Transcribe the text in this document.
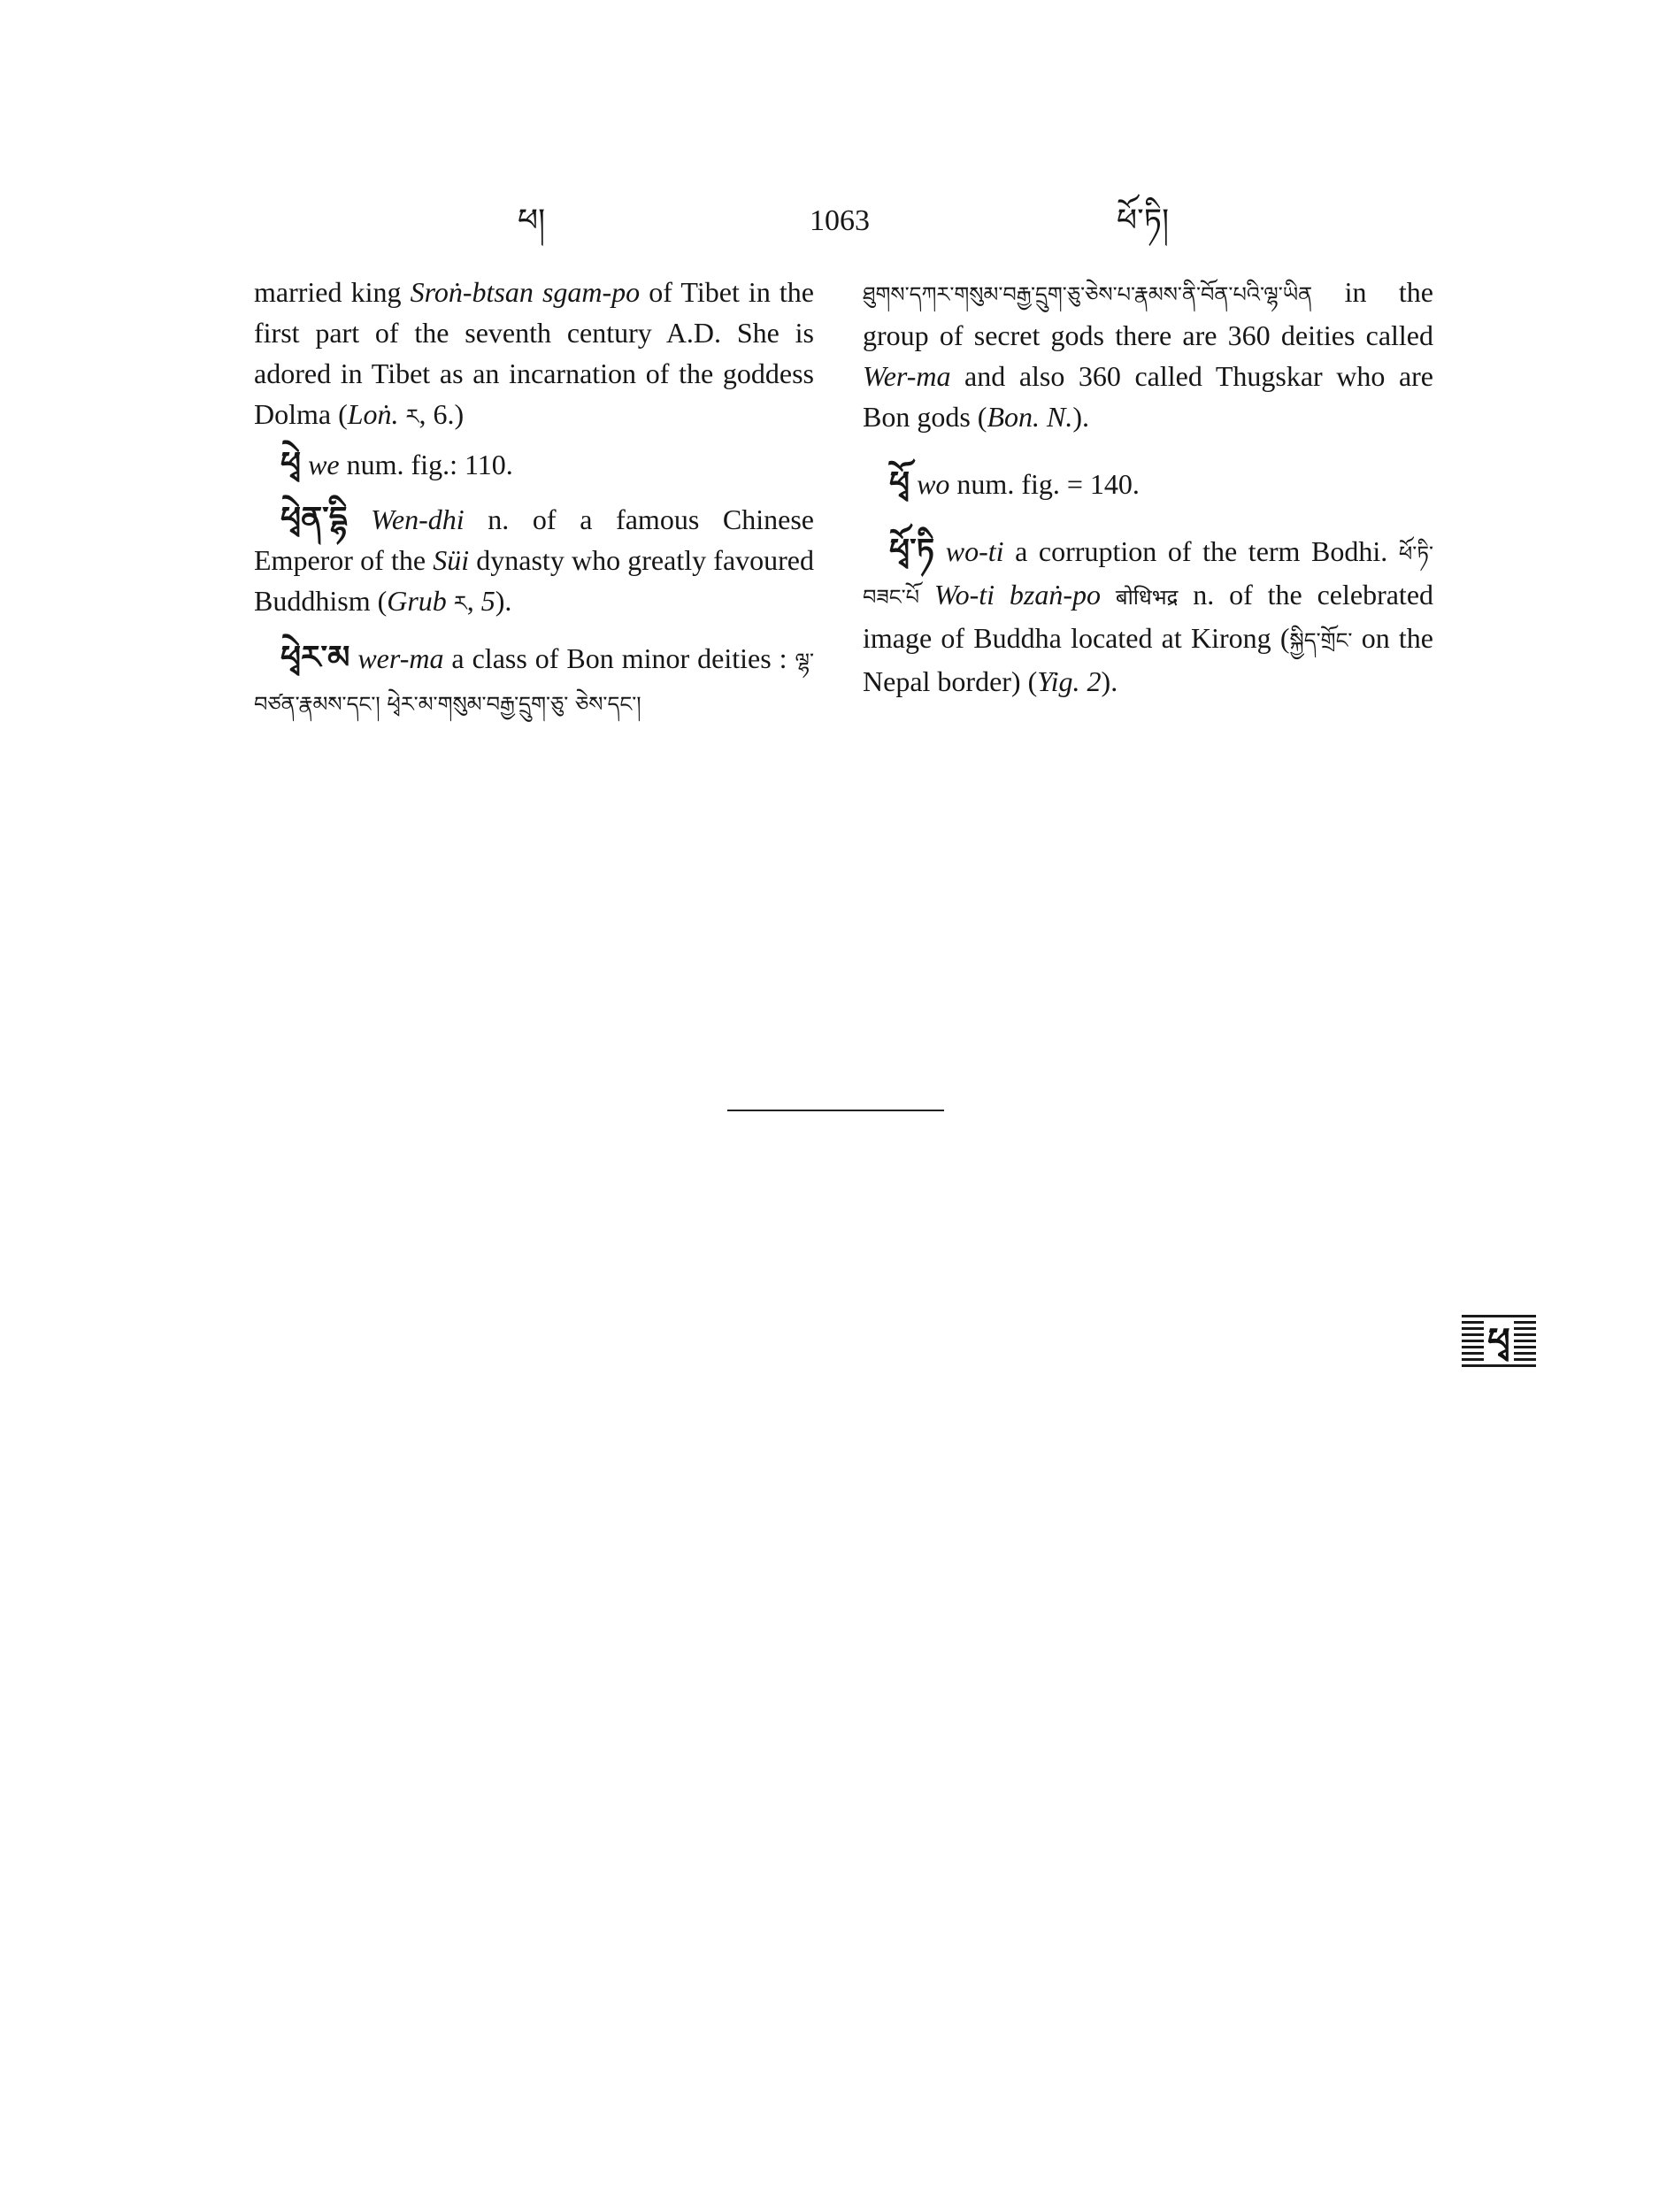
ཕ།	1063	ཕོ་ཏི།

married king Sroṅ-btsan sgam-po of Tibet in the first part of the seventh century A.D. She is adored in Tibet as an incarnation of the goddess Dolma (Loṅ. ར, 6.)

ཕྭེ we num. fig.: 110.

ཕྭེན་དྷི Wen-dhi n. of a famous Chinese Emperor of the Süi dynasty who greatly favoured Buddhism (Grub ར, 5).

ཕྭེར་མ wer-ma a class of Bon minor deities : ལྷ་བཙན་རྣམས་དང་། ཕྭེར་མ་གསུམ་བརྒྱ་དྲུག་ཅུ་ ཅེས་དང་།

ཐུགས་དཀར་གསུམ་བརྒྱ་དྲུག་ཅུ་ཅེས་པ་རྣམས་ནི་བོན་པའི་ལྷ་ཡིན in the group of secret gods there are 360 deities called Wer-ma and also 360 called Thugskar who are Bon gods (Bon. N.).

ཕྭོ wo num. fig. = 140.

ཕྭོ་ཏི wo-ti a corruption of the term Bodhi. ཕོ་ཏི་བཟང་པོ Wo-ti bzaṅ-po बोधिभद्र n. of the celebrated image of Buddha located at Kirong (སྐྱིད་གྲོང་ on the Nepal border) (Yig. 2).

ཕྭ
